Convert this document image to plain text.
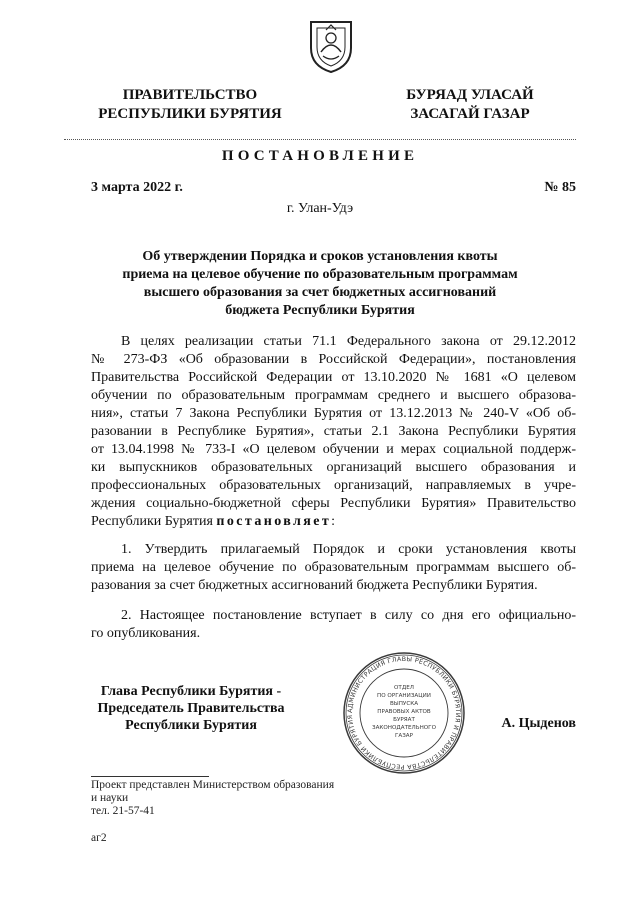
ПРАВИТЕЛЬСТВО
РЕСПУБЛИКИ БУРЯТИЯ
БУРЯАД УЛАСАЙ
ЗАСАГАЙ ГАЗАР
ПОСТАНОВЛЕНИЕ
3 марта 2022 г.	№ 85
г. Улан-Удэ
Об утверждении Порядка и сроков установления квоты
приема на целевое обучение по образовательным программам
высшего образования за счет бюджетных ассигнований
бюджета Республики Бурятия
В целях реализации статьи 71.1 Федерального закона от 29.12.2012
№ 273-ФЗ «Об образовании в Российской Федерации», постановления
Правительства Российской Федерации от 13.10.2020 № 1681 «О целевом
обучении по образовательным программам среднего и высшего образова-
ния», статьи 7 Закона Республики Бурятия от 13.12.2013 № 240-V «Об об-
разовании в Республике Бурятия», статьи 2.1 Закона Республики Бурятия
от 13.04.1998 № 733-I «О целевом обучении и мерах социальной поддерж-
ки выпускников образовательных организаций высшего образования и
профессиональных образовательных организаций, направляемых в учре-
ждения социально-бюджетной сферы Республики Бурятия» Правительство
Республики Бурятия постановляет:
1. Утвердить прилагаемый Порядок и сроки установления квоты
приема на целевое обучение по образовательным программам высшего об-
разования за счет бюджетных ассигнований бюджета Республики Бурятия.
2. Настоящее постановление вступает в силу со дня его официально-
го опубликования.
Глава Республики Бурятия -
Председатель Правительства
Республики Бурятия	А. Цыденов
АДМИНИСТРАЦИЯ ГЛАВЫ РЕСПУБЛИКИ БУРЯТИЯ И ПРАВИТЕЛЬСТВА РЕСПУБЛИКИ БУРЯТИЯ
ОТДЕЛ
ПО ОРГАНИЗАЦИИ
ВЫПУСКА
ПРАВОВЫХ АКТОВ
БУРЯАТ
ЗАКОНОДАТЕЛЬНОГО
ГАЗАР
Проект представлен Министерством образования
и науки
тел. 21-57-41
аг2
